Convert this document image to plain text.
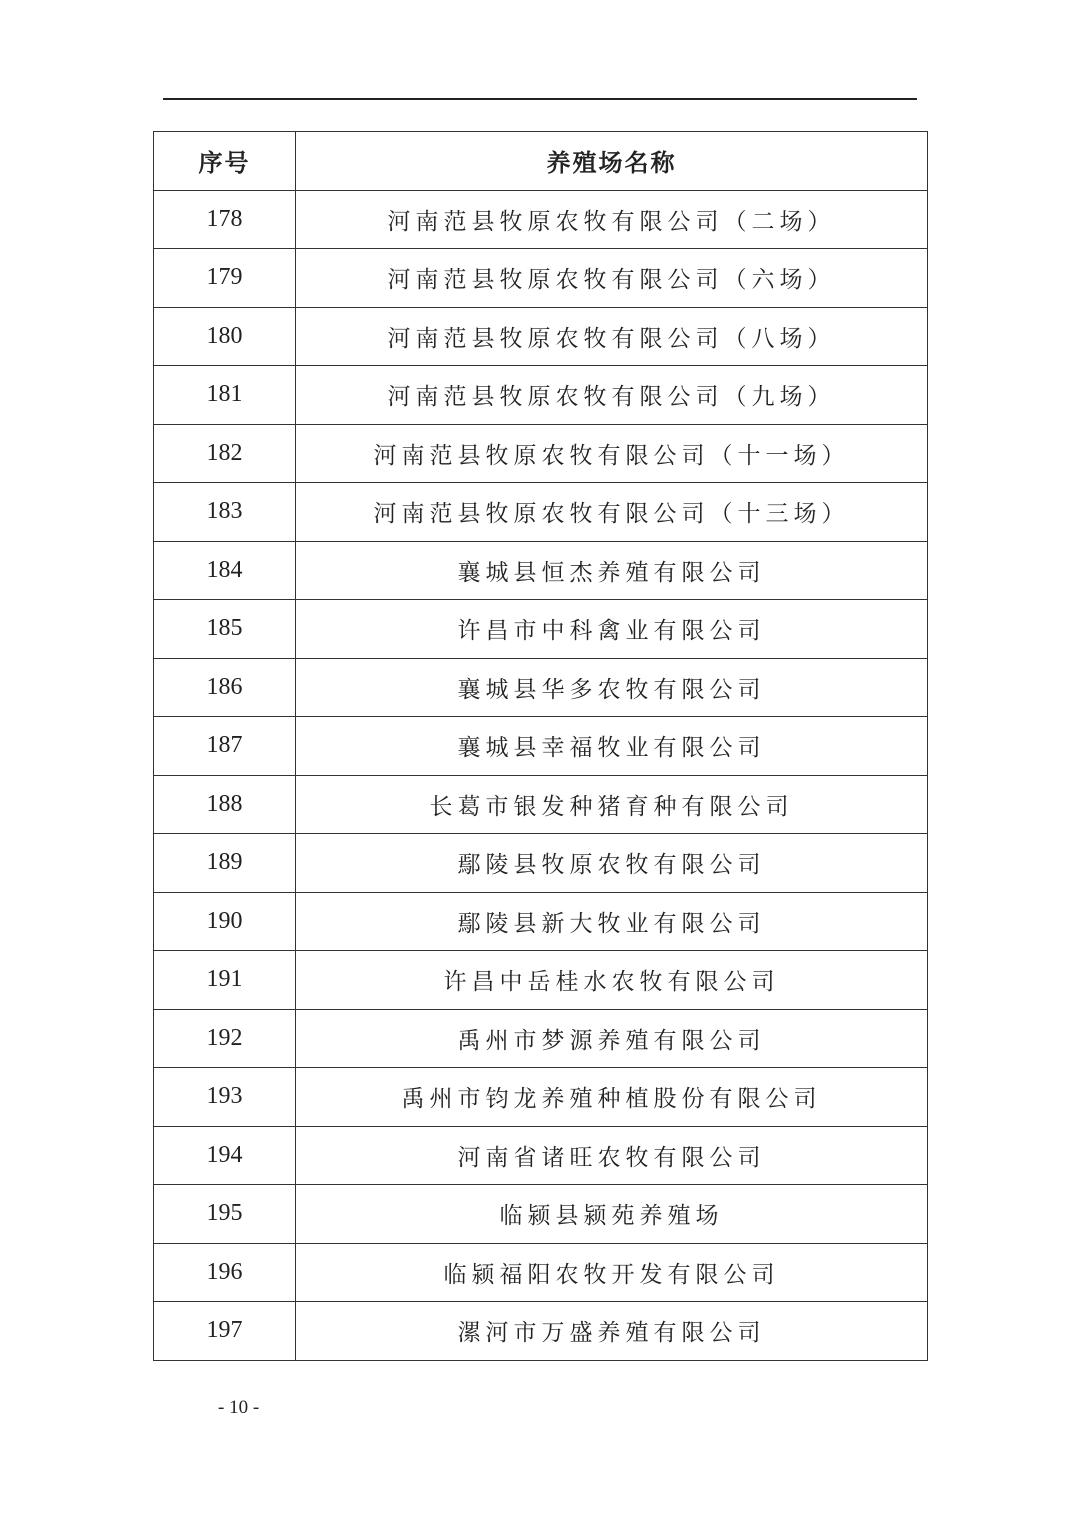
序号	养殖场名称
178	河南范县牧原农牧有限公司（二场）
179	河南范县牧原农牧有限公司（六场）
180	河南范县牧原农牧有限公司（八场）
181	河南范县牧原农牧有限公司（九场）
182	河南范县牧原农牧有限公司（十一场）
183	河南范县牧原农牧有限公司（十三场）
184	襄城县恒杰养殖有限公司
185	许昌市中科禽业有限公司
186	襄城县华多农牧有限公司
187	襄城县幸福牧业有限公司
188	长葛市银发种猪育种有限公司
189	鄢陵县牧原农牧有限公司
190	鄢陵县新大牧业有限公司
191	许昌中岳桂水农牧有限公司
192	禹州市梦源养殖有限公司
193	禹州市钧龙养殖种植股份有限公司
194	河南省诸旺农牧有限公司
195	临颍县颍苑养殖场
196	临颍福阳农牧开发有限公司
197	漯河市万盛养殖有限公司
- 10 -
